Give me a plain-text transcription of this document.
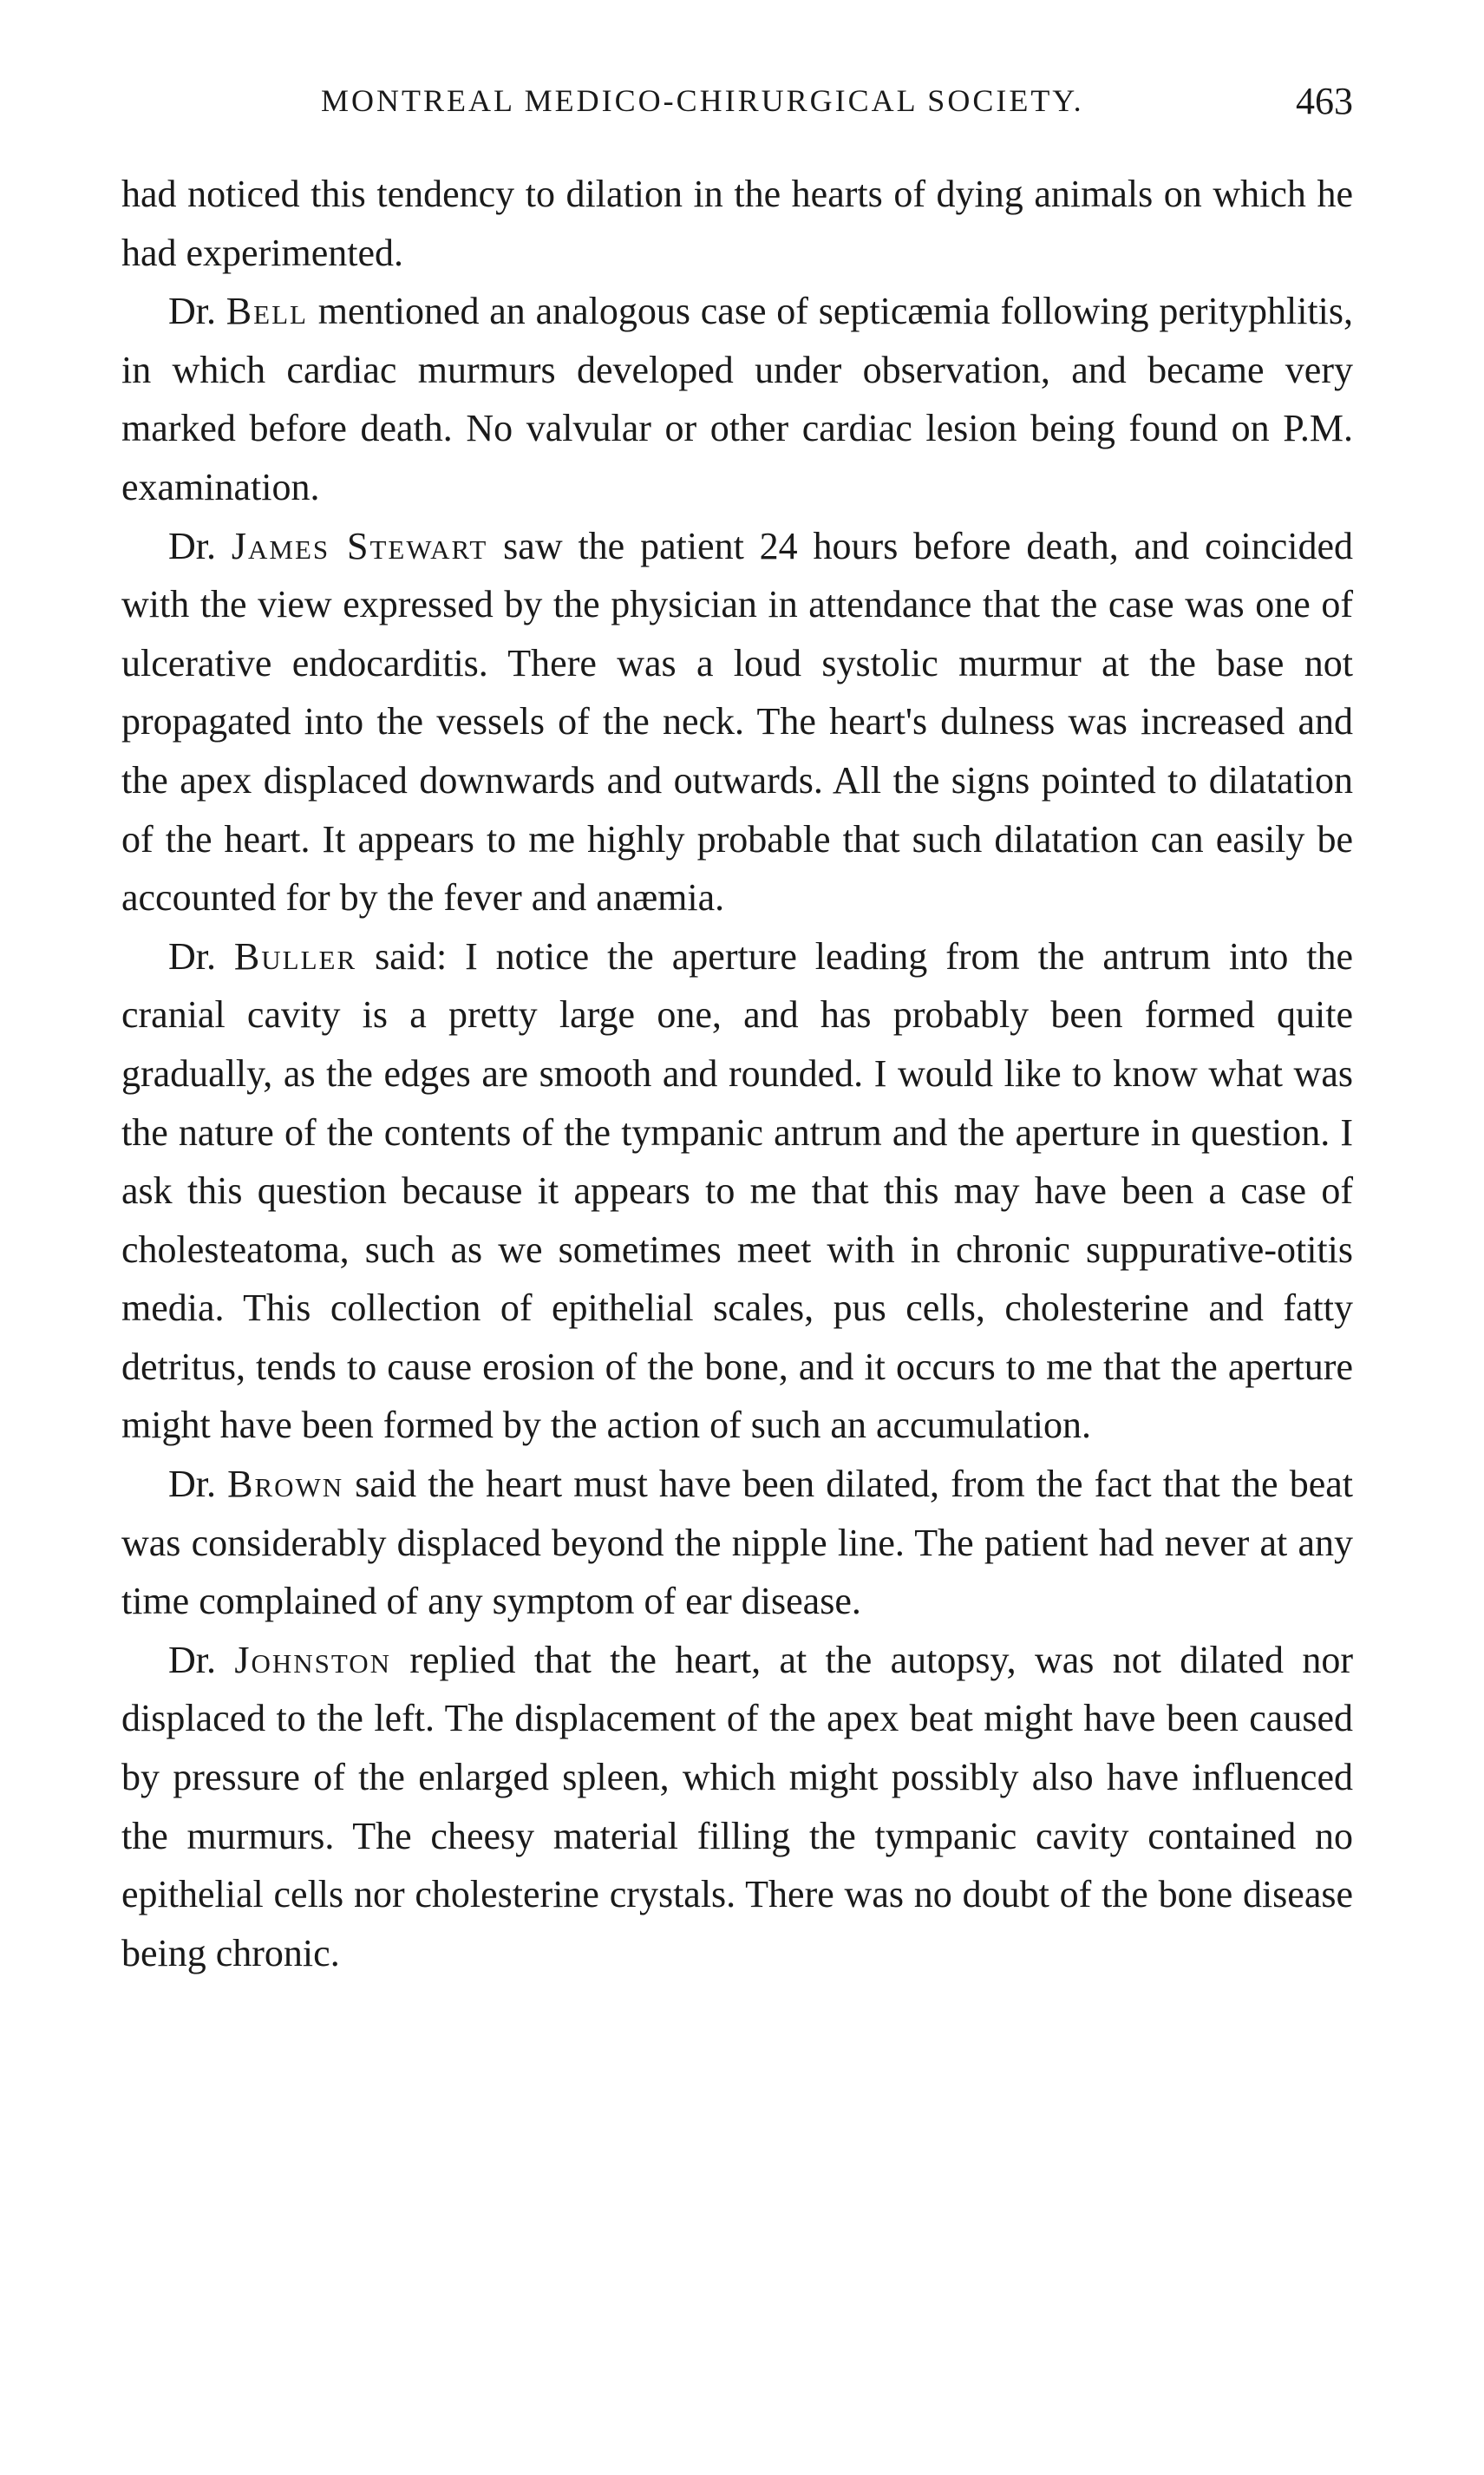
MONTREAL MEDICO-CHIRURGICAL SOCIETY.	463

had noticed this tendency to dilation in the hearts of dying animals on which he had experimented.

Dr. Bell mentioned an analogous case of septicæmia following perityphlitis, in which cardiac murmurs developed under observation, and became very marked before death. No valvular or other cardiac lesion being found on P.M. examination.

Dr. James Stewart saw the patient 24 hours before death, and coincided with the view expressed by the physician in attendance that the case was one of ulcerative endocarditis. There was a loud systolic murmur at the base not propagated into the vessels of the neck. The heart's dulness was increased and the apex displaced downwards and outwards. All the signs pointed to dilatation of the heart. It appears to me highly probable that such dilatation can easily be accounted for by the fever and anæmia.

Dr. Buller said: I notice the aperture leading from the antrum into the cranial cavity is a pretty large one, and has probably been formed quite gradually, as the edges are smooth and rounded. I would like to know what was the nature of the contents of the tympanic antrum and the aperture in question. I ask this question because it appears to me that this may have been a case of cholesteatoma, such as we sometimes meet with in chronic suppurative-otitis media. This collection of epithelial scales, pus cells, cholesterine and fatty detritus, tends to cause erosion of the bone, and it occurs to me that the aperture might have been formed by the action of such an accumulation.

Dr. Brown said the heart must have been dilated, from the fact that the beat was considerably displaced beyond the nipple line. The patient had never at any time complained of any symptom of ear disease.

Dr. Johnston replied that the heart, at the autopsy, was not dilated nor displaced to the left. The displacement of the apex beat might have been caused by pressure of the enlarged spleen, which might possibly also have influenced the murmurs. The cheesy material filling the tympanic cavity contained no epithelial cells nor cholesterine crystals. There was no doubt of the bone disease being chronic.
